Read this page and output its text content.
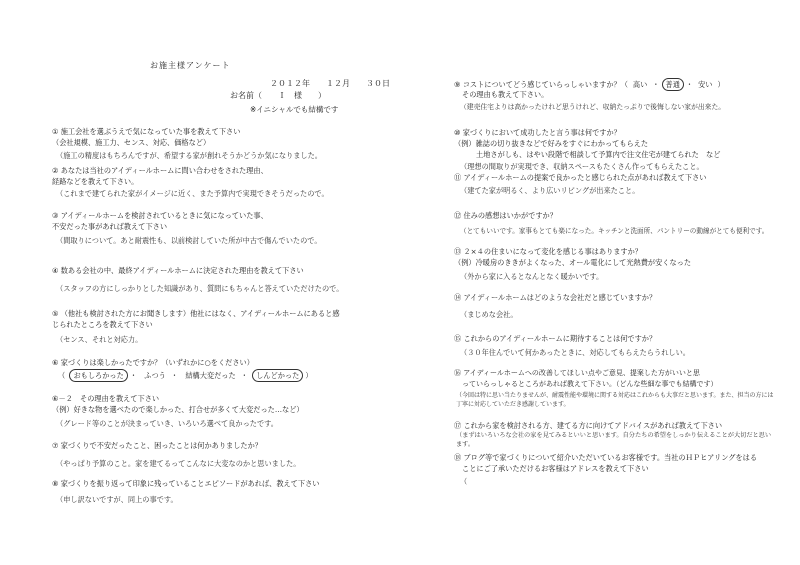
お施主様アンケート
２０１２年　　１２月　　３０日
お名前（　　Ｉ　様　　）
※イニシャルでも結構です
① 施工会社を選ぶうえで気になっていた事を教えて下さい
（会社規模、施工力、センス、対応、価格など）
（ 施工の精度はもちろんですが、希望する家が創れそうかどうか気になりました。
② あなたは当社のアイディールホームに問い合わせをされた理由、
経路などを教えて下さい。
（ これまで建てられた家がイメージに近く、また予算内で実現できそうだったので。
③ アイディールホームを検討されているときに気になっていた事、
不安だった事があれば教えて下さい
（ 間取りについて。あと耐震性も、以前検討していた所が中古で傷んでいたので。
④ 数ある会社の中、最終アイディールホームに決定された理由を教えて下さい
（ スタッフの方にしっかりとした知識があり、質問にもちゃんと答えていただけたので。
⑤ （他社も検討された方にお聞きします）他社にはなく、アイディールホームにあると感
じられたところを教えて下さい
（ センス、それと対応力。
⑥ 家づくりは楽しかったですか？（いずれかに○をください）
（ おもしろかった ・ ふつう ・ 結構大変だった ・ しんどかった ）
⑥－２　その理由を教えて下さい
（例）好きな物を選べたので楽しかった、打合せが多くて大変だった…など）
（ グレード等のことが決まっていき、いろいろ選べて良かったです。
⑦ 家づくりで不安だったこと、困ったことは何かありましたか？
（ やっぱり予算のこと。家を建てるってこんなに大変なのかと思いました。
⑧ 家づくりを振り返って印象に残っていることエピソードがあれば、教えて下さい
（ 申し訳ないですが、同上の事です。
⑨ コストについてどう感じていらっしゃいますか？（ 高い ・ 普通 ・ 安い ）
その理由も教えて下さい。
（ 建売住宅よりは高かったけれど思うけれど、収納たっぷりで後悔しない家が出来た。
⑩ 家づくりにおいて成功したと言う事は何ですか？
（例）雑誌の切り抜きなどで好みをすぐにわかってもらえた
土地さがしも、はやい段階で相談して予算内で注文住宅が建てられた　など
（ 理想の間取りが実現でき、収納スペースもたくさん作ってもらえたこと。
⑪ アイディールホームの提案で良かったと感じられた点があれば教えて下さい
（ 建てた家が明るく、より広いリビングが出来たこと。
⑫ 住みの感想はいかがですか？
（ とてもいいです。家事もとても楽になった。キッチンと洗面所、パントリーの動線がとても便利です。
⑬ ２×４の住まいになって変化を感じる事はありますか？
（例）冷暖房のききがよくなった、オール電化にして光熱費が安くなった
（ 外から家に入るとなんとなく暖かいです。
⑭ アイディールホームはどのような会社だと感じていますか？
（ まじめな会社。
⑮ これからのアイディールホームに期待することは何ですか？
（ ３０年住んでいて何かあったときに、対応してもらえたらうれしい。
⑯ アイディールホームへの改善してほしい点やご意見、提案した方がいいと思
っていらっしゃるところがあれば教えて下さい。（どんな些細な事でも結構です）
（ 今回は特に思い当たりませんが、耐震性能や環境に関する対応はこれからも大事だと思います。また、担当の方には丁寧に対応していただき感謝しています。
⑰ これから家を検討される方、建てる方に向けてアドバイスがあれば教えて下さい
（ まずはいろいろな会社の家を見てみるといいと思います。自分たちの希望をしっかり伝えることが大切だと思います。
⑱ ブログ等で家づくりについて紹介いただいているお客様です。当社のＨＰヒアリングをはる
ことにご了承いただけるお客様はアドレスを教えて下さい
（
